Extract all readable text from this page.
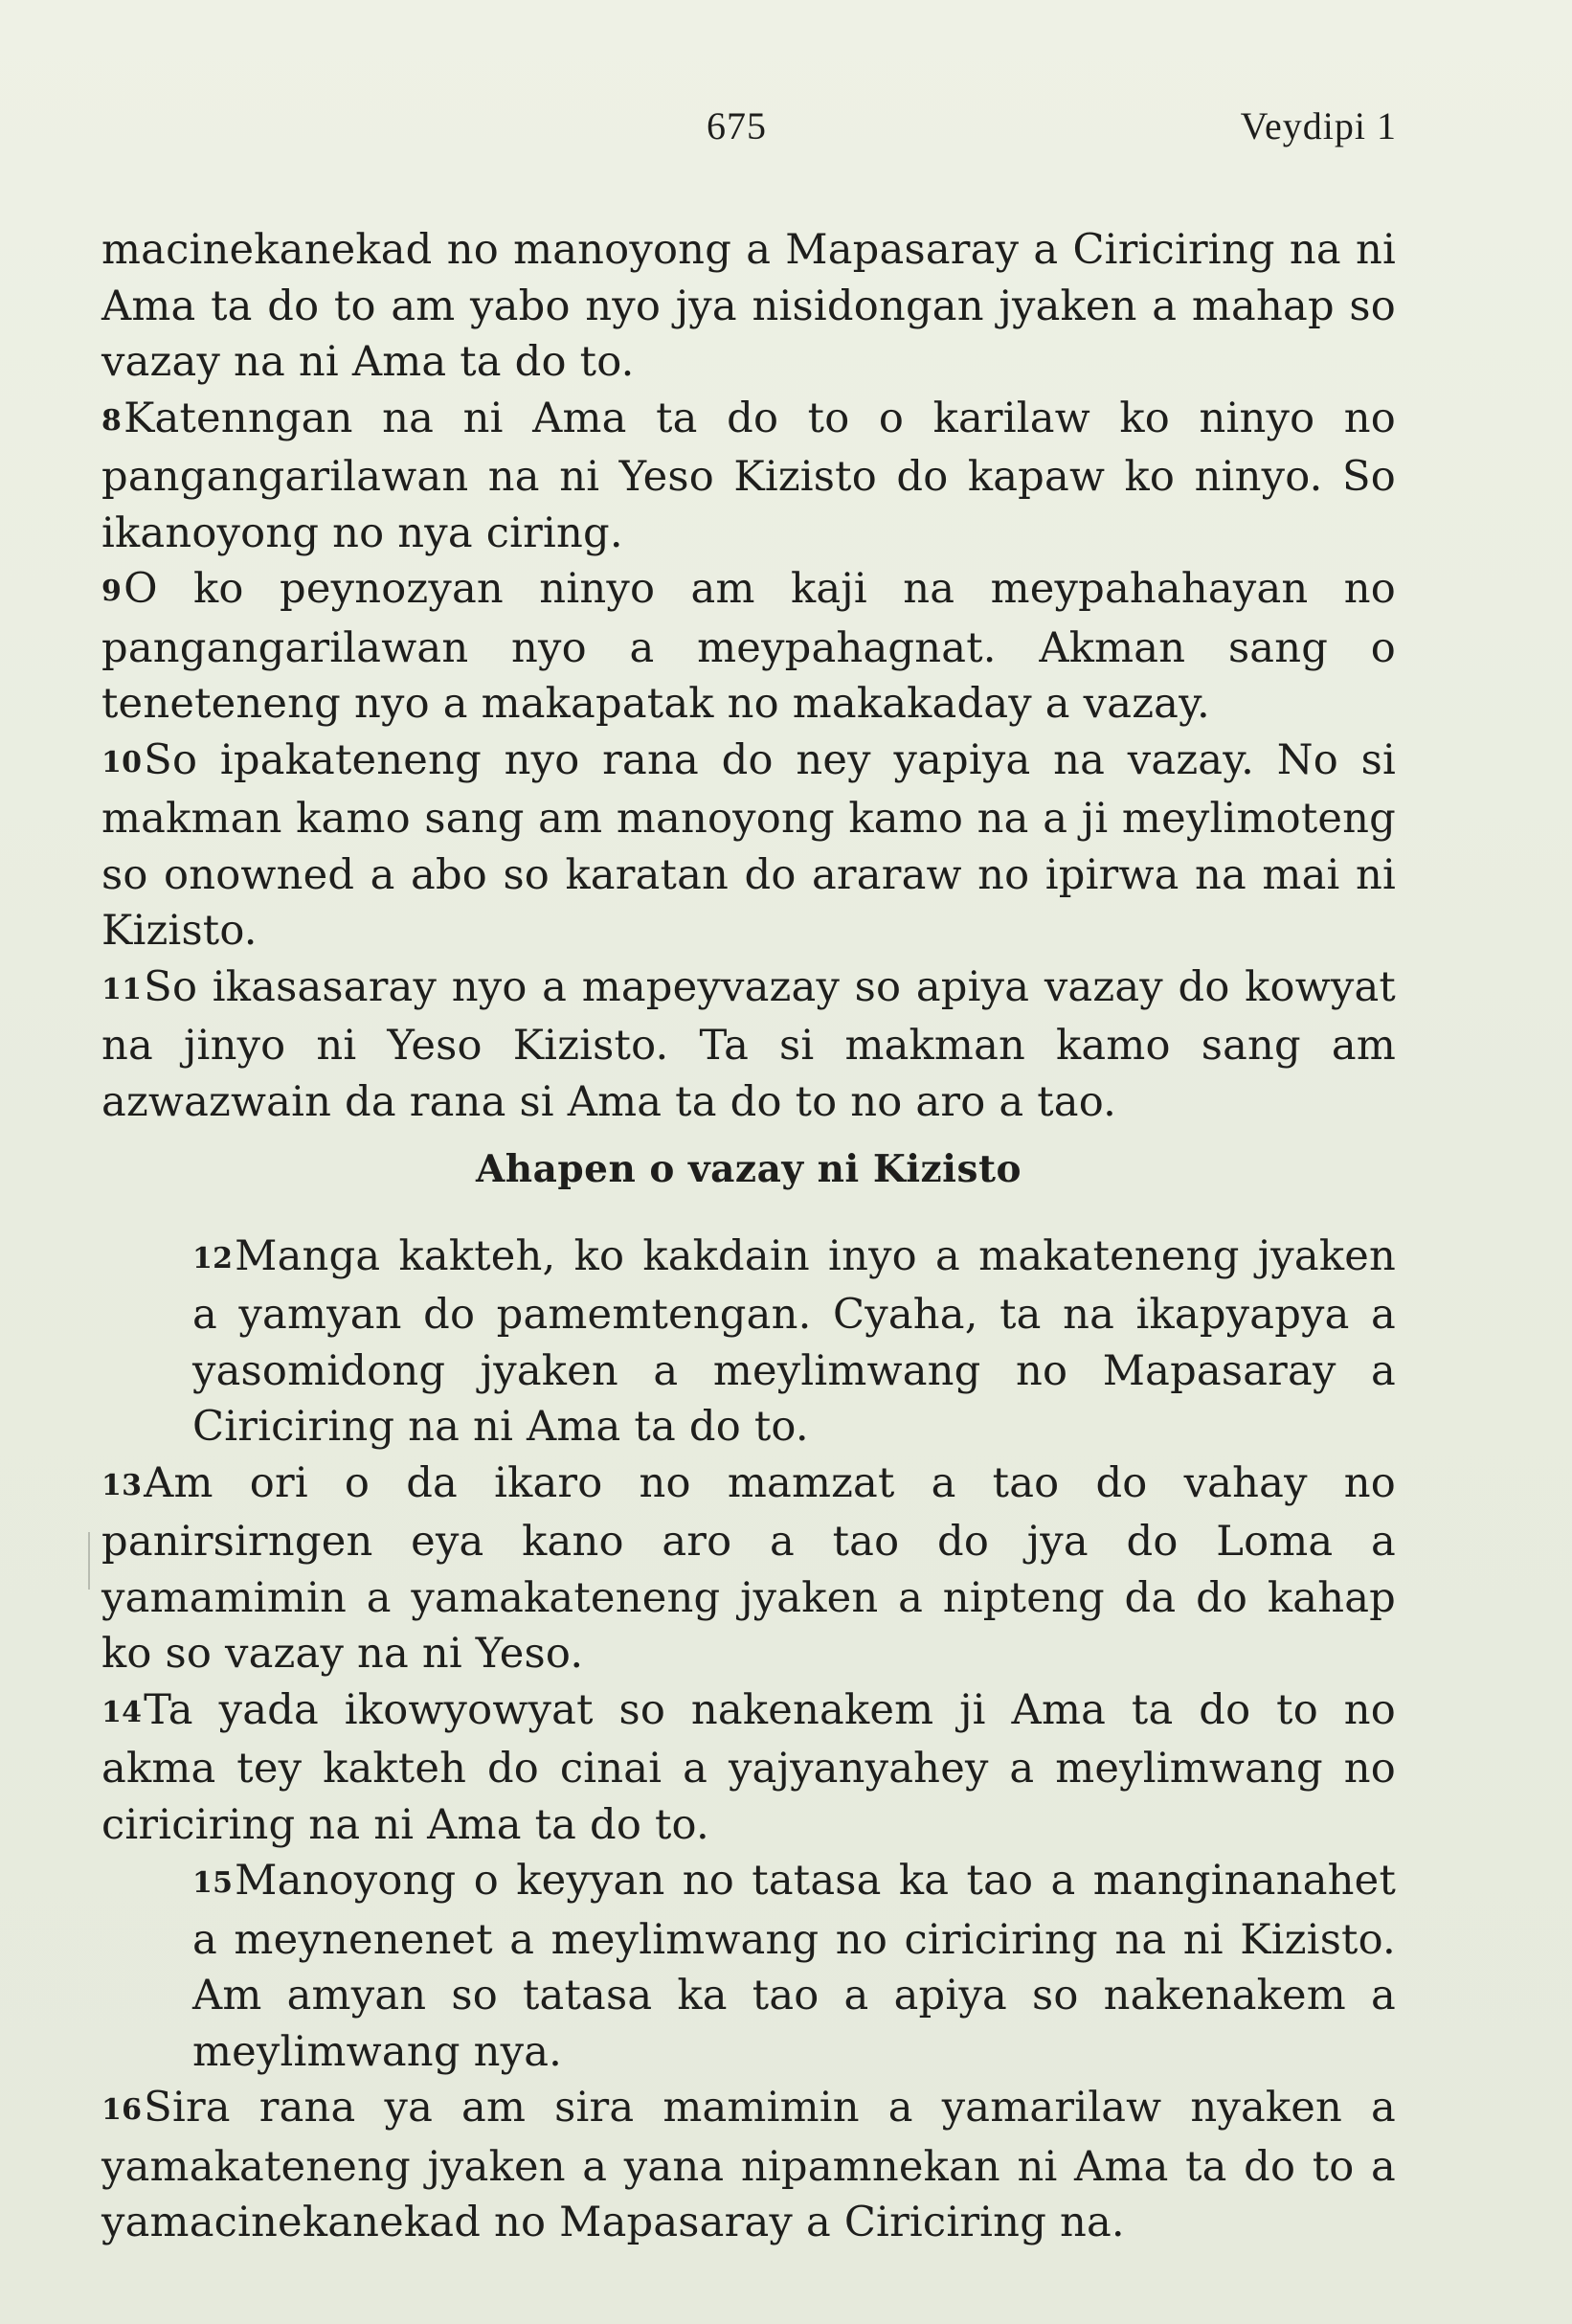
675	Veydipi 1

macinekanekad no manoyong a Mapasaray a Ciriciring na ni Ama ta do to am yabo nyo jya nisidongan jyaken a mahap so vazay na ni Ama ta do to.

8Katenngan na ni Ama ta do to o karilaw ko ninyo no pangangarilawan na ni Yeso Kizisto do kapaw ko ninyo. So ikanoyong no nya ciring.

9O ko peynozyan ninyo am kaji na meypahahayan no pangangarilawan nyo a meypahagnat. Akman sang o teneteneng nyo a makapatak no makakaday a vazay.

10So ipakateneng nyo rana do ney yapiya na vazay. No si makman kamo sang am manoyong kamo na a ji meylimoteng so onowned a abo so karatan do araraw no ipirwa na mai ni Kizisto.

11So ikasasaray nyo a mapeyvazay so apiya vazay do kowyat na jinyo ni Yeso Kizisto. Ta si makman kamo sang am azwazwain da rana si Ama ta do to no aro a tao.

Ahapen o vazay ni Kizisto

12Manga kakteh, ko kakdain inyo a makateneng jyaken a yamyan do pamemtengan. Cyaha, ta na ikapyapya a yasomidong jyaken a meylimwang no Mapasaray a Ciriciring na ni Ama ta do to.

13Am ori o da ikaro no mamzat a tao do vahay no panirsirngen eya kano aro a tao do jya do Loma a yamamimin a yamakateneng jyaken a nipteng da do kahap ko so vazay na ni Yeso.

14Ta yada ikowyowyat so nakenakem ji Ama ta do to no akma tey kakteh do cinai a yajyanyahey a meylimwang no ciriciring na ni Ama ta do to.

15Manoyong o keyyan no tatasa ka tao a manginanahet a meynenenet a meylimwang no ciriciring na ni Kizisto. Am amyan so tatasa ka tao a apiya so nakenakem a meylimwang nya.

16Sira rana ya am sira mamimin a yamarilaw nyaken a yamakateneng jyaken a yana nipamnekan ni Ama ta do to a yamacinekanekad no Mapasaray a Ciriciring na.
